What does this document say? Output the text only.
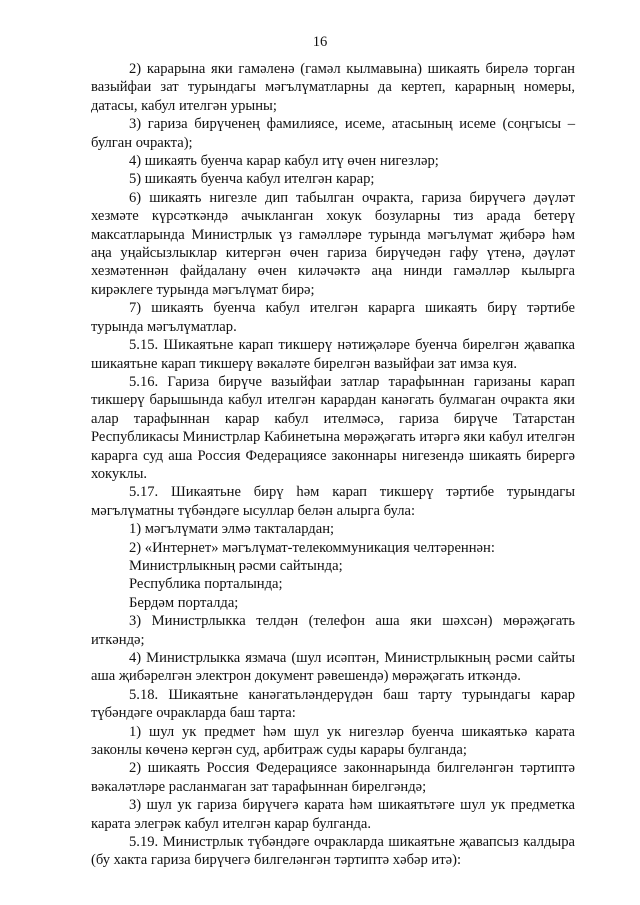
16

2) карарына яки гамәленә (гамәл кылмавына) шикаять бирелә торган вазыйфаи зат турындагы мәгълүматларны да кертеп, карарның номеры, датасы, кабул ителгән урыны;

3) гариза бирүченең фамилиясе, исеме, атасының исеме (соңгысы – булган очракта);

4) шикаять буенча карар кабул итү өчен нигезләр;

5) шикаять буенча кабул ителгән карар;

6) шикаять нигезле дип табылган очракта, гариза бирүчегә дәүләт хезмәте күрсәткәндә ачыкланган хокук бозуларны тиз арада бетерү максатларында Министрлык үз гамәлләре турында мәгълүмат җибәрә һәм аңа уңайсызлыклар китергән өчен гариза бирүчедән гафу үтенә, дәүләт хезмәтеннән файдалану өчен киләчәктә аңа нинди гамәлләр кылырга кирәклеге турында мәгълүмат бирә;

7) шикаять буенча кабул ителгән карарга шикаять бирү тәртибе турында мәгълүматлар.

5.15. Шикаятьне карап тикшерү нәтиҗәләре буенча бирелгән җавапка шикаятьне карап тикшерү вәкаләте бирелгән вазыйфаи зат имза куя.

5.16. Гариза бирүче вазыйфаи затлар тарафыннан гаризаны карап тикшерү барышында кабул ителгән карардан канәгать булмаган очракта яки алар тарафыннан карар кабул ителмәсә, гариза бирүче Татарстан Республикасы Министрлар Кабинетына мөрәҗәгать итәргә яки кабул ителгән карарга суд аша Россия Федерациясе законнары нигезендә шикаять бирергә хокуклы.

5.17. Шикаятьне бирү һәм карап тикшерү тәртибе турындагы мәгълүматны түбәндәге ысуллар белән алырга була:

1) мәгълүмати элмә такталардан;

2) «Интернет» мәгълүмат-телекоммуникация челтәреннән:

Министрлыкның рәсми сайтында;

Республика порталында;

Бердәм порталда;

3) Министрлыкка телдән (телефон аша яки шәхсән) мөрәҗәгать иткәндә;

4) Министрлыкка язмача (шул исәптән, Министрлыкның рәсми сайты аша җибәрелгән электрон документ рәвешендә) мөрәҗәгать иткәндә.

5.18. Шикаятьне канәгатьләндерүдән баш тарту турындагы карар түбәндәге очракларда баш тарта:

1) шул ук предмет һәм шул ук нигезләр буенча шикаятькә карата законлы көченә кергән суд, арбитраж суды карары булганда;

2) шикаять Россия Федерациясе законнарында билгеләнгән тәртиптә вәкаләтләре расланмаган зат тарафыннан бирелгәндә;

3) шул ук гариза бирүчегә карата һәм шикаятьтәге шул ук предметка карата элегрәк кабул ителгән карар булганда.

5.19. Министрлык түбәндәге очракларда шикаятьне җавапсыз калдыра (бу хакта гариза бирүчегә билгеләнгән тәртиптә хәбәр итә):
